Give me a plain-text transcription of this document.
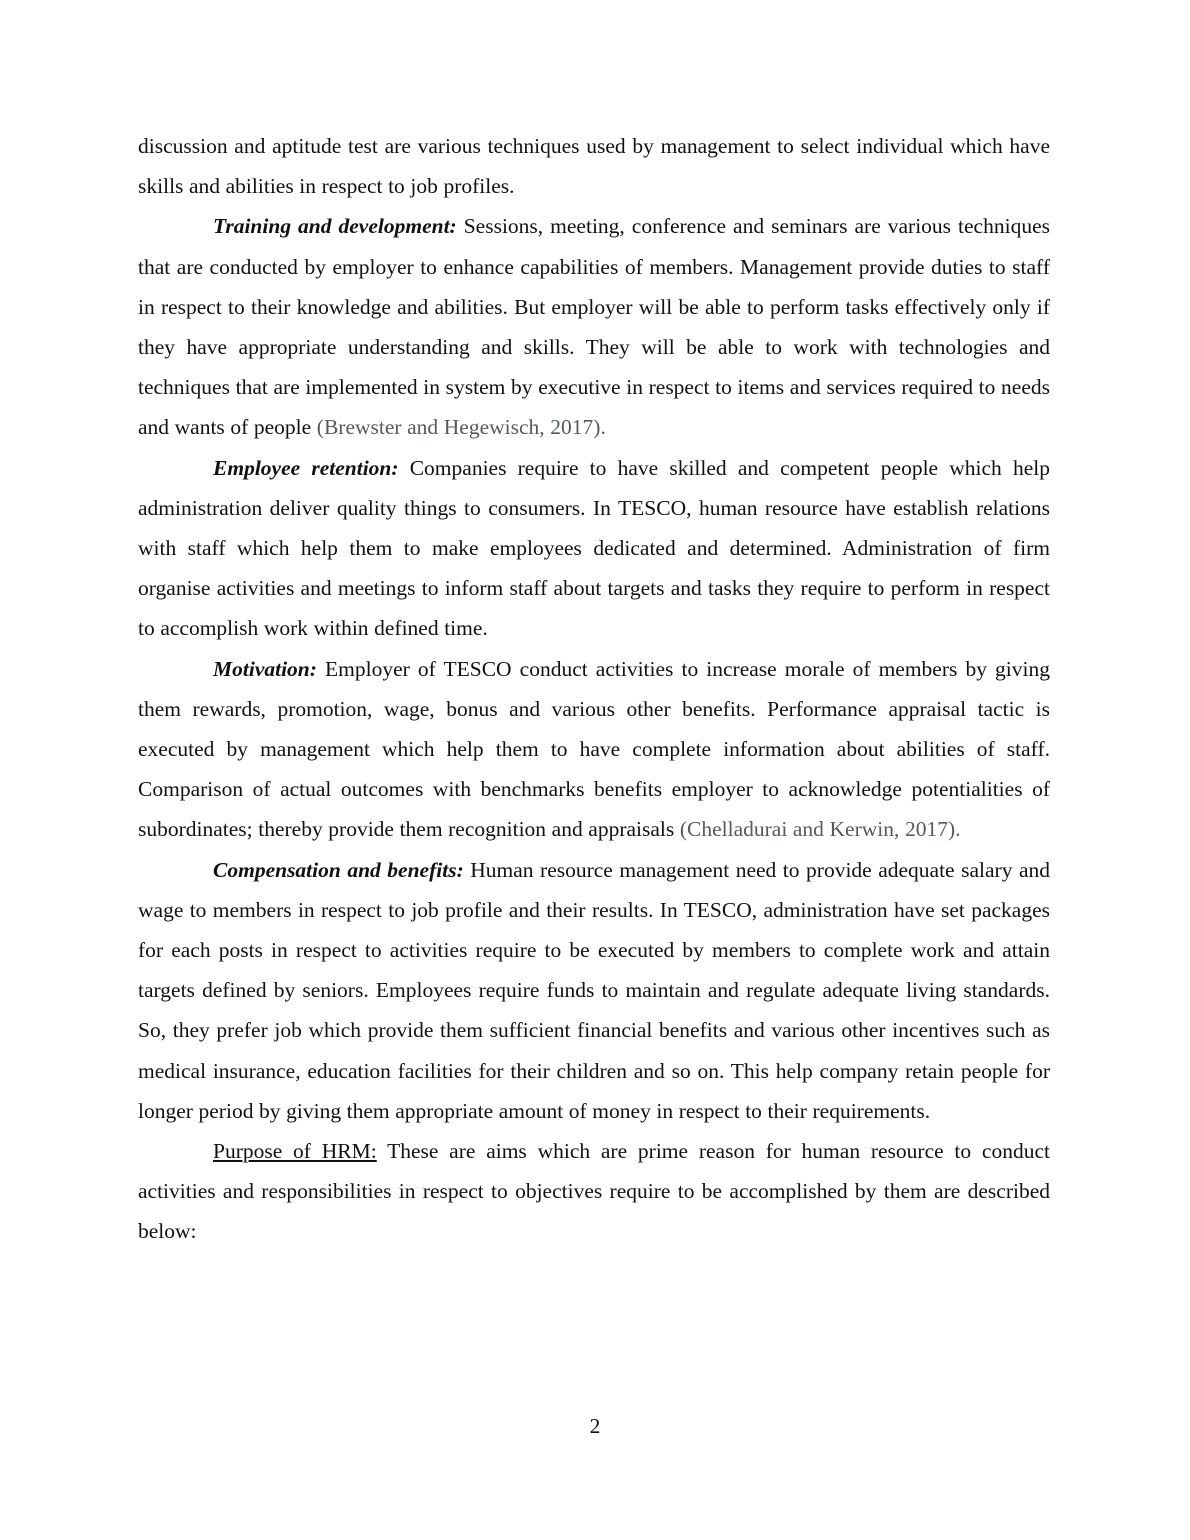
discussion and aptitude test are various techniques used by management to select individual which have skills and abilities in respect to job profiles.

Training and development: Sessions, meeting, conference and seminars are various techniques that are conducted by employer to enhance capabilities of members. Management provide duties to staff in respect to their knowledge and abilities. But employer will be able to perform tasks effectively only if they have appropriate understanding and skills. They will be able to work with technologies and techniques that are implemented in system by executive in respect to items and services required to needs and wants of people (Brewster and Hegewisch, 2017).

Employee retention: Companies require to have skilled and competent people which help administration deliver quality things to consumers. In TESCO, human resource have establish relations with staff which help them to make employees dedicated and determined. Administration of firm organise activities and meetings to inform staff about targets and tasks they require to perform in respect to accomplish work within defined time.

Motivation: Employer of TESCO conduct activities to increase morale of members by giving them rewards, promotion, wage, bonus and various other benefits. Performance appraisal tactic is executed by management which help them to have complete information about abilities of staff. Comparison of actual outcomes with benchmarks benefits employer to acknowledge potentialities of subordinates; thereby provide them recognition and appraisals (Chelladurai and Kerwin, 2017).

Compensation and benefits: Human resource management need to provide adequate salary and wage to members in respect to job profile and their results. In TESCO, administration have set packages for each posts in respect to activities require to be executed by members to complete work and attain targets defined by seniors. Employees require funds to maintain and regulate adequate living standards. So, they prefer job which provide them sufficient financial benefits and various other incentives such as medical insurance, education facilities for their children and so on. This help company retain people for longer period by giving them appropriate amount of money in respect to their requirements.

Purpose of HRM: These are aims which are prime reason for human resource to conduct activities and responsibilities in respect to objectives require to be accomplished by them are described below:

2
